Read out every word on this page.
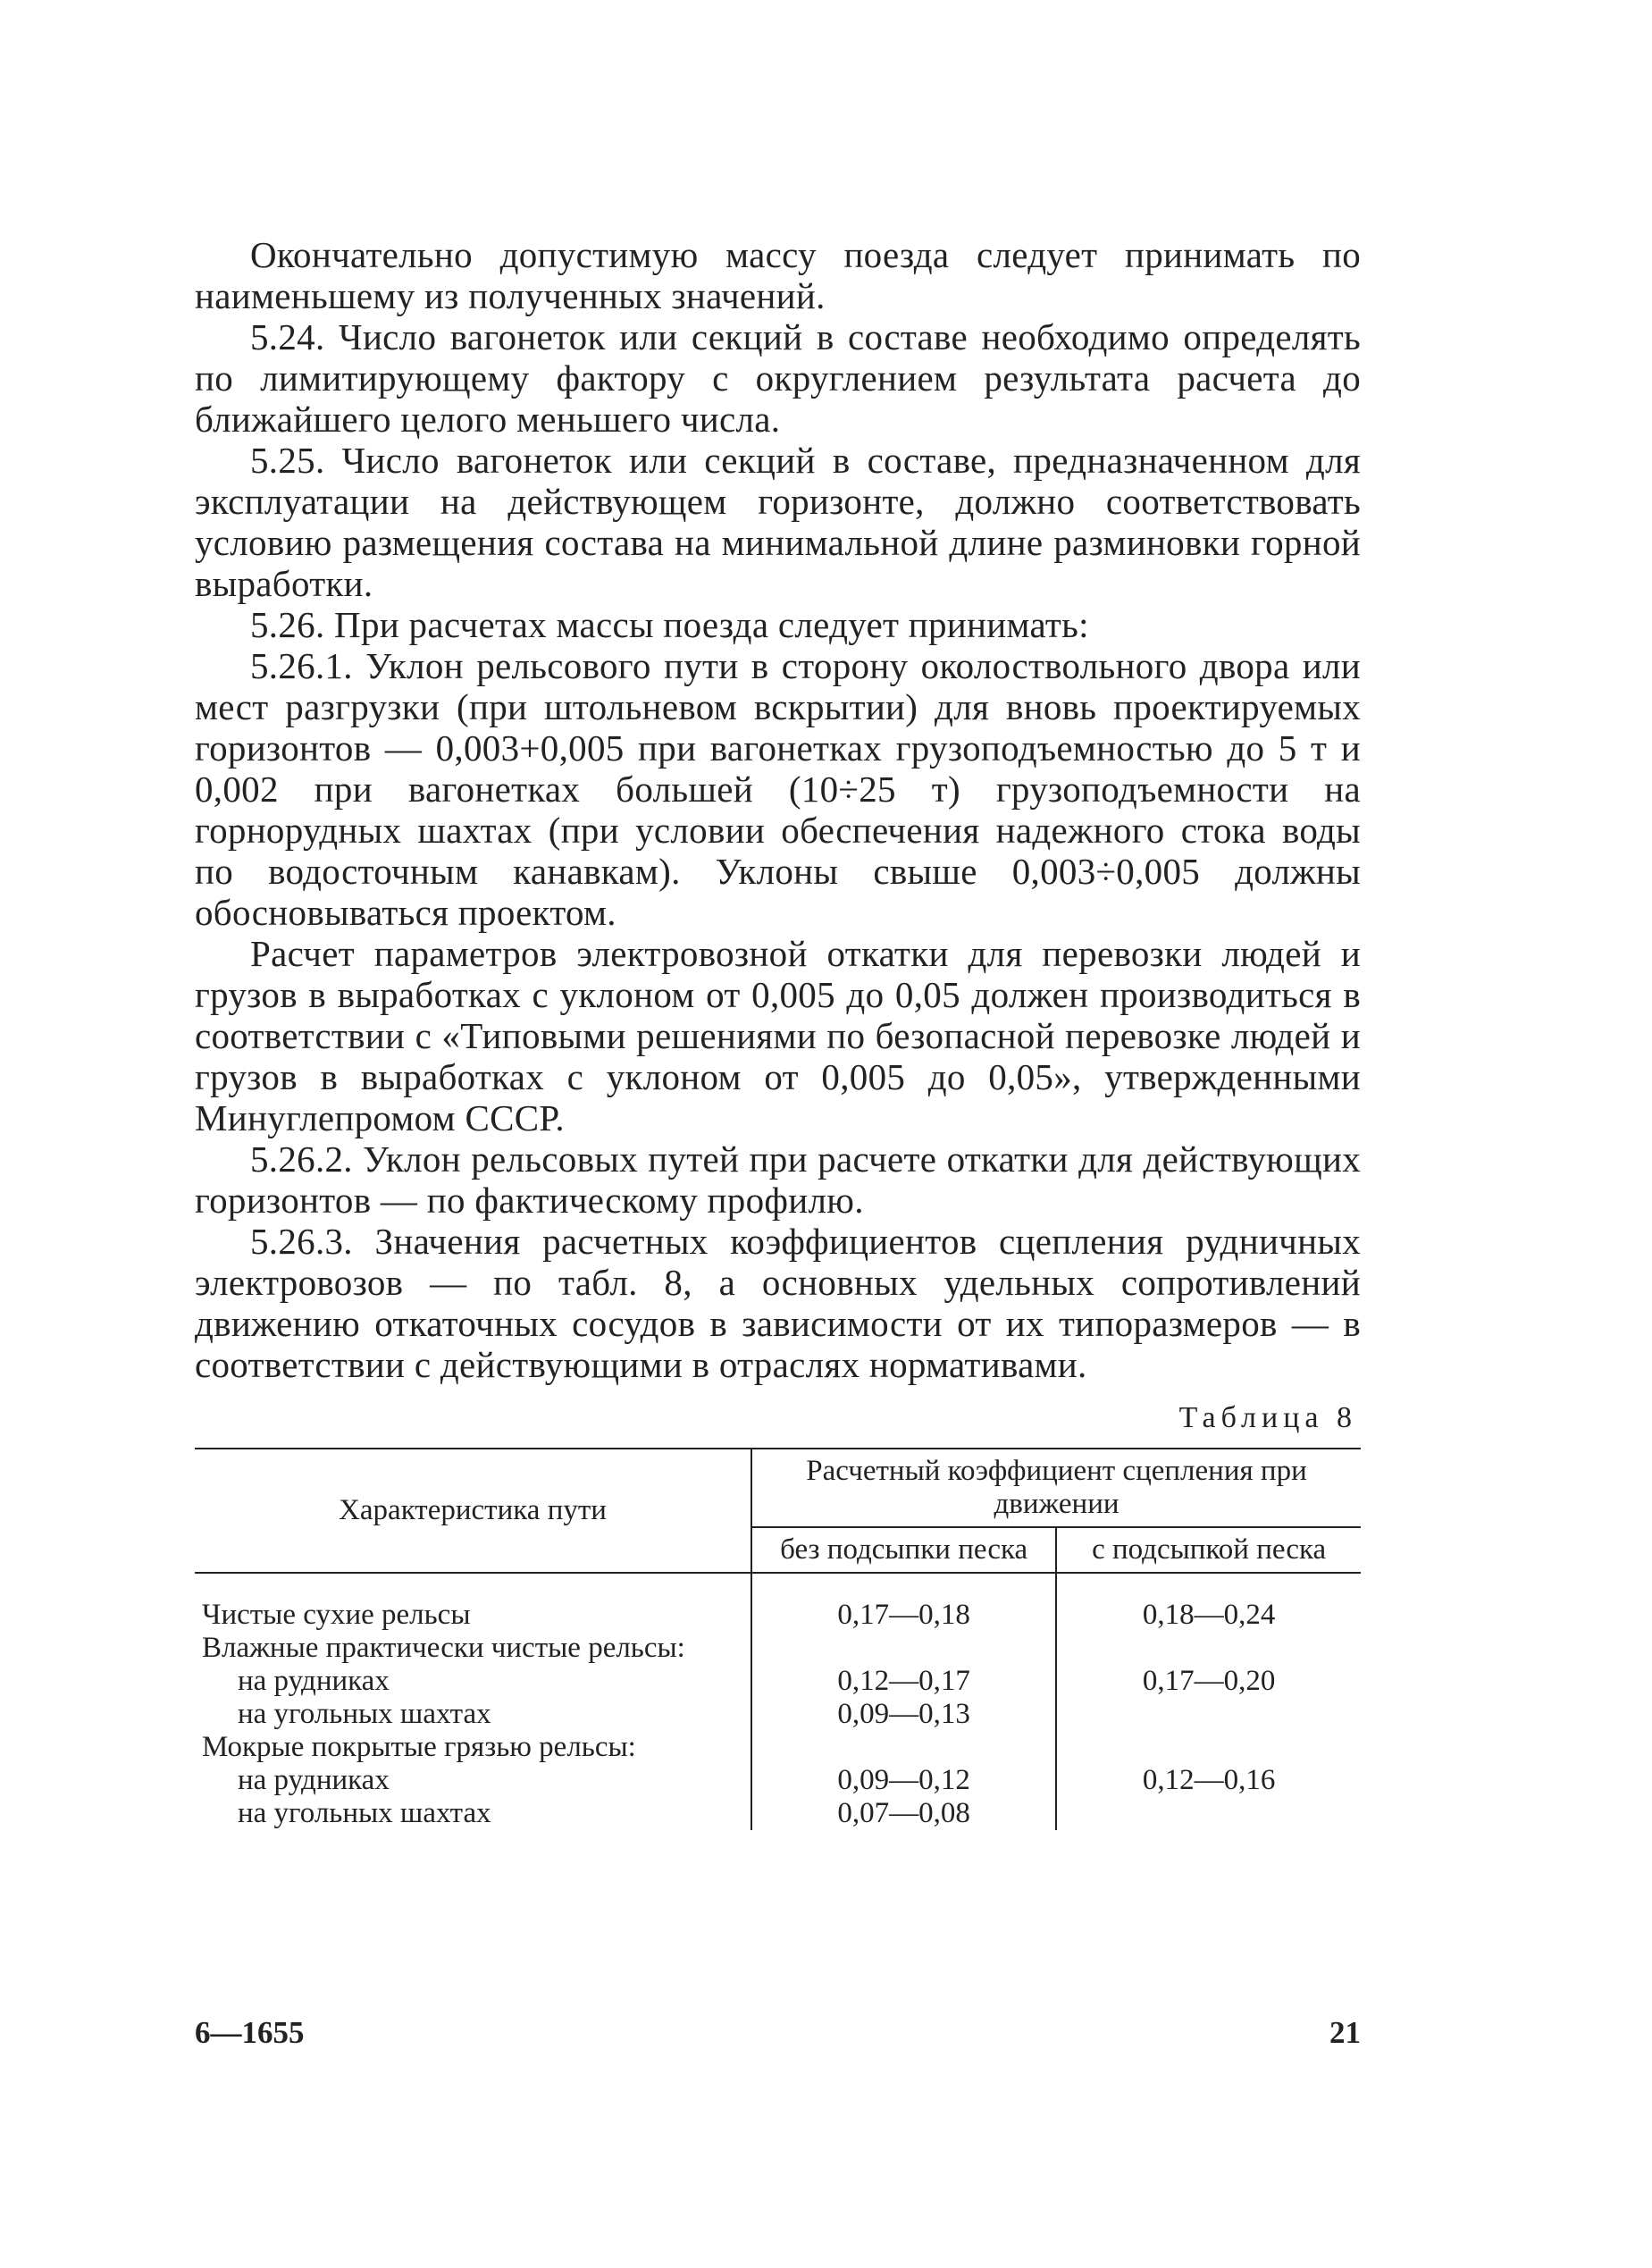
Окончательно допустимую массу поезда следует принимать по наименьшему из полученных значений.

5.24. Число вагонеток или секций в составе необходимо определять по лимитирующему фактору с округлением результата расчета до ближайшего целого меньшего числа.

5.25. Число вагонеток или секций в составе, предназначенном для эксплуатации на действующем горизонте, должно соответствовать условию размещения состава на минимальной длине разминовки горной выработки.

5.26. При расчетах массы поезда следует принимать:

5.26.1. Уклон рельсового пути в сторону околоствольного двора или мест разгрузки (при штольневом вскрытии) для вновь проектируемых горизонтов — 0,003+0,005 при вагонетках грузоподъемностью до 5 т и 0,002 при вагонетках большей (10÷25 т) грузоподъемности на горнорудных шахтах (при условии обеспечения надежного стока воды по водосточным канавкам). Уклоны свыше 0,003÷0,005 должны обосновываться проектом.

Расчет параметров электровозной откатки для перевозки людей и грузов в выработках с уклоном от 0,005 до 0,05 должен производиться в соответствии с «Типовыми решениями по безопасной перевозке людей и грузов в выработках с уклоном от 0,005 до 0,05», утвержденными Минуглепромом СССР.

5.26.2. Уклон рельсовых путей при расчете откатки для действующих горизонтов — по фактическому профилю.

5.26.3. Значения расчетных коэффициентов сцепления рудничных электровозов — по табл. 8, а основных удельных сопротивлений движению откаточных сосудов в зависимости от их типоразмеров — в соответствии с действующими в отраслях нормативами.

Таблица 8
Характеристика пути	Расчетный коэффициент сцепления при движении	
	без подсыпки песка	с подсыпкой песка
Чистые сухие рельсы	0,17—0,18	0,18—0,24
Влажные практически чистые рельсы:		
на рудниках	0,12—0,17	0,17—0,20
на угольных шахтах	0,09—0,13	
Мокрые покрытые грязью рельсы:		
на рудниках	0,09—0,12	0,12—0,16
на угольных шахтах	0,07—0,08	
6—1655	21
